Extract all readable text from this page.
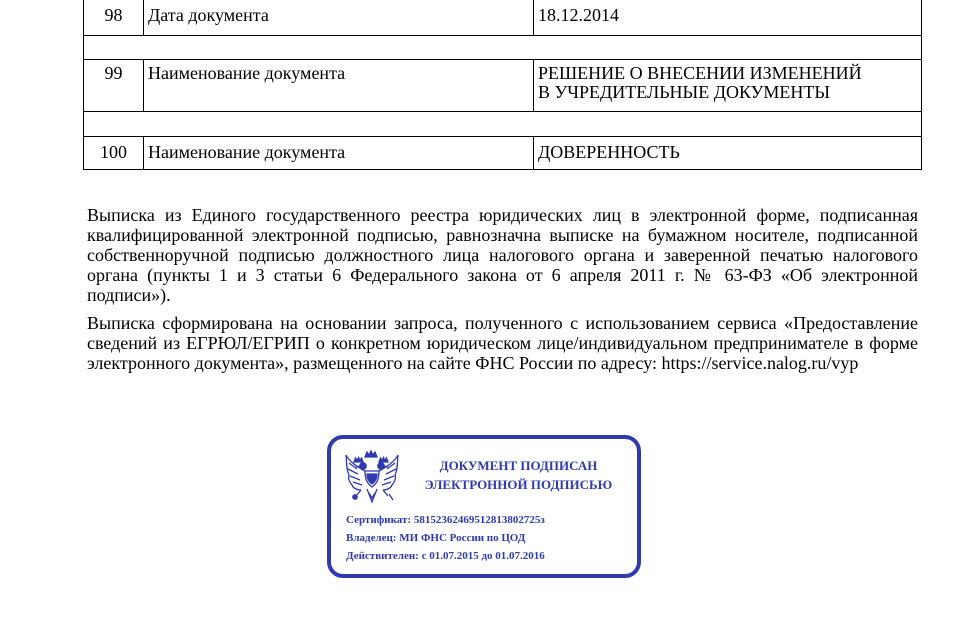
98	Дата документа	18.12.2014

99	Наименование документа	РЕШЕНИЕ О ВНЕСЕНИИ ИЗМЕНЕНИЙ
В УЧРЕДИТЕЛЬНЫЕ ДОКУМЕНТЫ

100	Наименование документа	ДОВЕРЕННОСТЬ

Выписка из Единого государственного реестра юридических лиц в электронной форме, подписанная квалифицированной электронной подписью, равнозначна выписке на бумажном носителе, подписанной собственноручной подписью должностного лица налогового органа и заверенной печатью налогового органа (пункты 1 и 3 статьи 6 Федерального закона от 6 апреля 2011 г. № 63-ФЗ «Об электронной подписи»).

Выписка сформирована на основании запроса, полученного с использованием сервиса «Предоставление сведений из ЕГРЮЛ/ЕГРИП о конкретном юридическом лице/индивидуальном предпринимателе в форме электронного документа», размещенного на сайте ФНС России по адресу: https://service.nalog.ru/vyp

ДОКУМЕНТ ПОДПИСАН
ЭЛЕКТРОННОЙ ПОДПИСЬЮ
Сертификат: 58152362469512813802725з
Владелец: МИ ФНС России по ЦОД
Действителен: с 01.07.2015 до 01.07.2016
